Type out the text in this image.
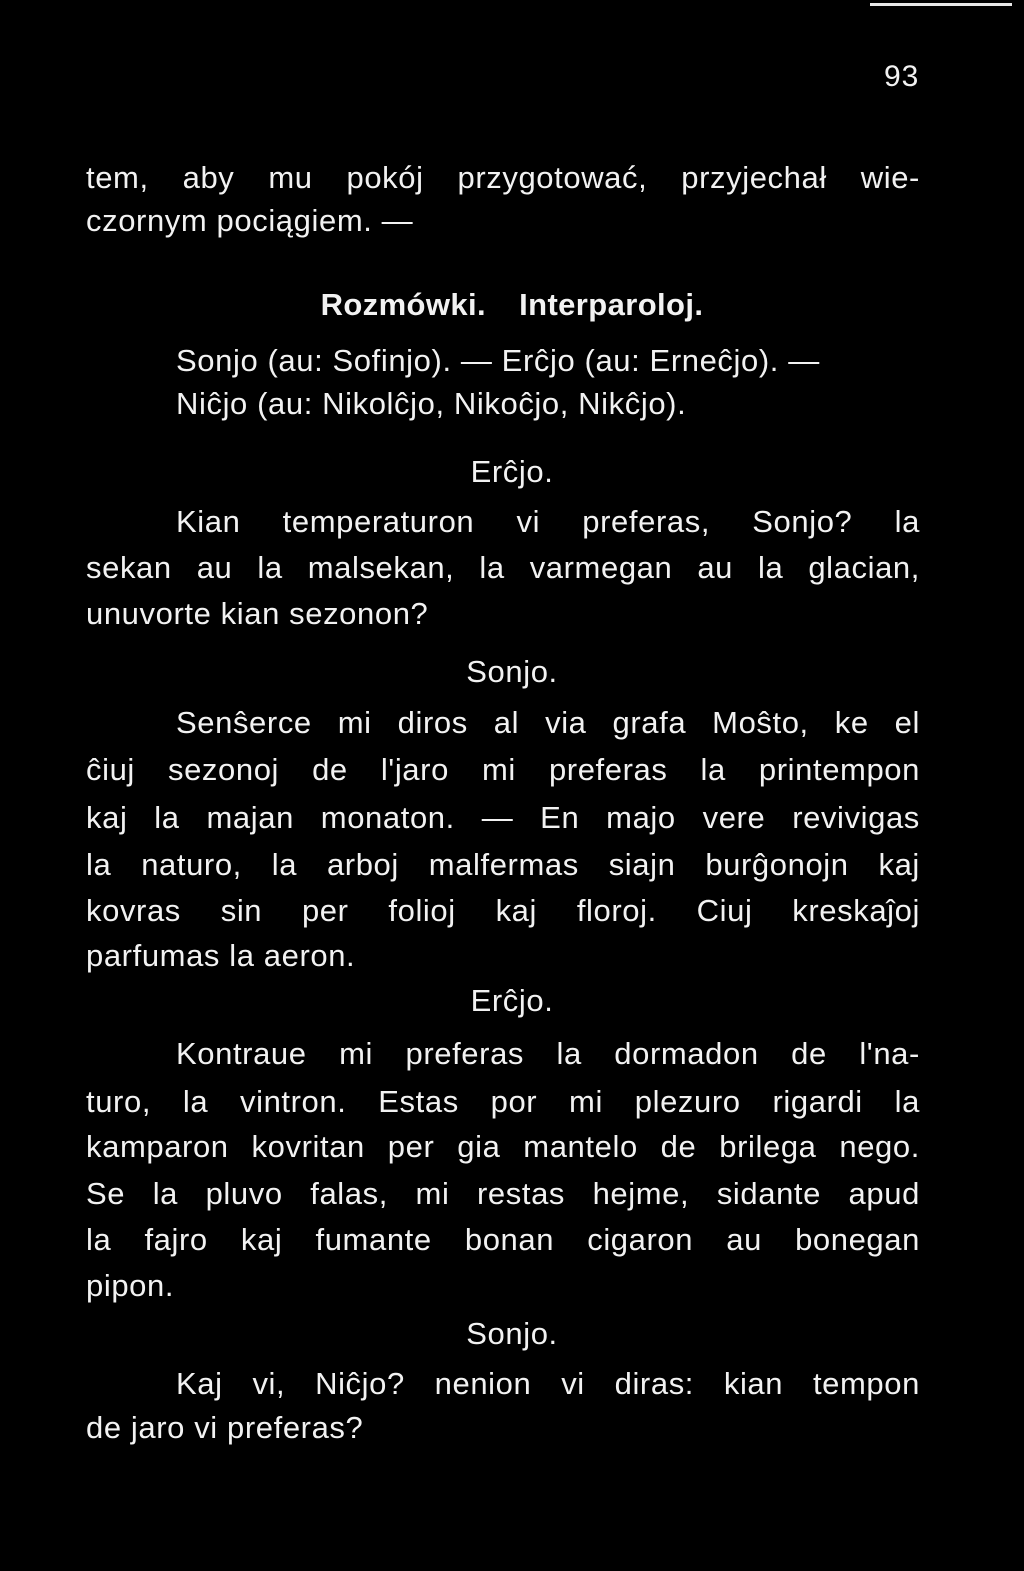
93
tem, aby mu pokój przygotować, przyjechał wie-
czornym pociągiem. —
Rozmówki. Interparoloj.
Sonjo (au: Sofinjo). — Erĉjo (au: Erneĉjo). —
Niĉjo (au: Nikolĉjo, Nikoĉjo, Nikĉjo).
Erĉjo.
Kian temperaturon vi preferas, Sonjo? la
sekan au la malsekan, la varmegan au la glacian,
unuvorte kian sezonon?
Sonjo.
Senŝerce mi diros al via grafa Moŝto, ke el
ĉiuj sezonoj de l'jaro mi preferas la printempon
kaj la majan monaton. — En majo vere revivigas
la naturo, la arboj malfermas siajn burĝonojn kaj
kovras sin per folioj kaj floroj. Ciuj kreskaĵoj
parfumas la aeron.
Erĉjo.
Kontraue mi preferas la dormadon de l'na-
turo, la vintron. Estas por mi plezuro rigardi la
kamparon kovritan per gia mantelo de brilega nego.
Se la pluvo falas, mi restas hejme, sidante apud
la fajro kaj fumante bonan cigaron au bonegan
pipon.
Sonjo.
Kaj vi, Niĉjo? nenion vi diras: kian tempon
de jaro vi preferas?
